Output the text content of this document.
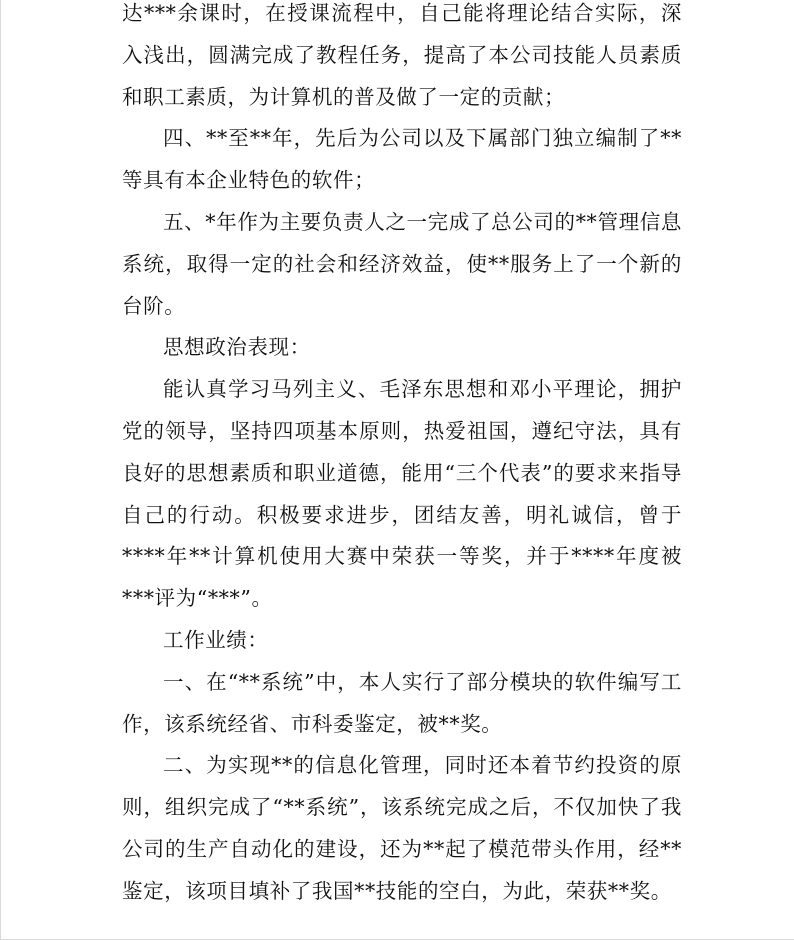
达***余课时，在授课流程中，自己能将理论结合实际，深入浅出，圆满完成了教程任务，提高了本公司技能人员素质和职工素质，为计算机的普及做了一定的贡献；

四、**至**年，先后为公司以及下属部门独立编制了**等具有本企业特色的软件；

五、*年作为主要负责人之一完成了总公司的**管理信息系统，取得一定的社会和经济效益，使**服务上了一个新的台阶。

思想政治表现：

能认真学习马列主义、毛泽东思想和邓小平理论，拥护党的领导，坚持四项基本原则，热爱祖国，遵纪守法，具有良好的思想素质和职业道德，能用“三个代表”的要求来指导自己的行动。积极要求进步，团结友善，明礼诚信，曾于****年**计算机使用大赛中荣获一等奖，并于****年度被***评为“***”。

工作业绩：

一、在“**系统”中，本人实行了部分模块的软件编写工作，该系统经省、市科委鉴定，被**奖。

二、为实现**的信息化管理，同时还本着节约投资的原则，组织完成了“**系统”，该系统完成之后，不仅加快了我公司的生产自动化的建设，还为**起了模范带头作用，经**鉴定，该项目填补了我国**技能的空白，为此，荣获**奖。
